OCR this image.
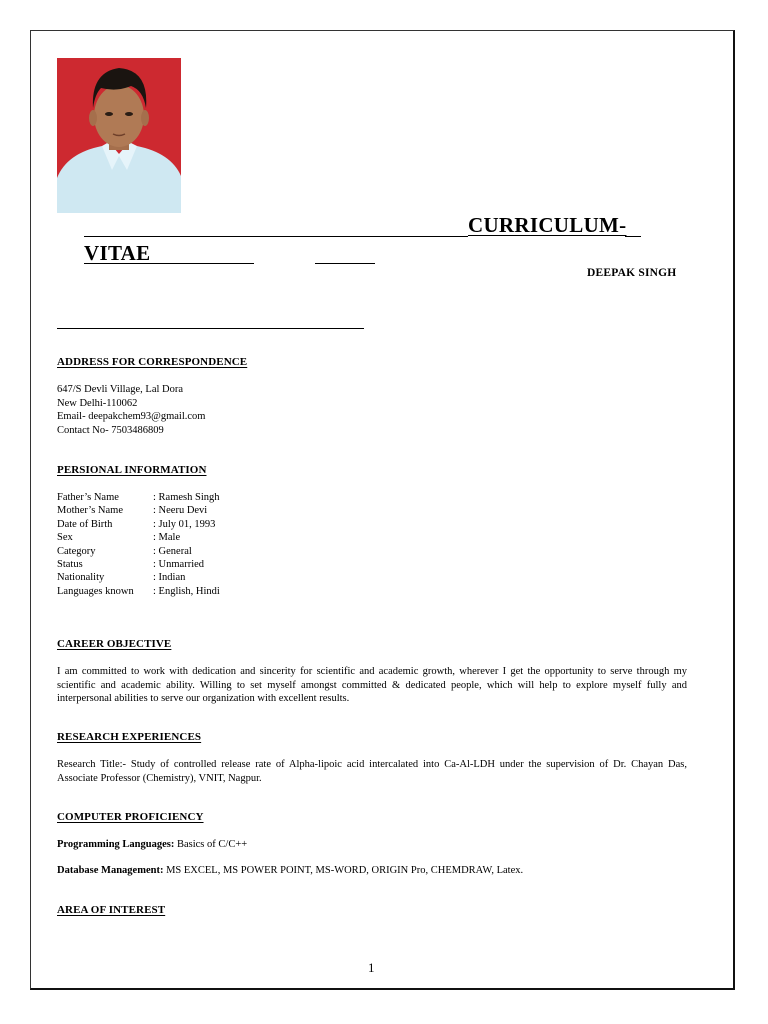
CURRICULUM-
VITAE
DEEPAK SINGH
ADDRESS FOR CORRESPONDENCE
647/S Devli Village, Lal Dora
New Delhi-110062
Email- deepakchem93@gmail.com
Contact No- 7503486809
PERSIONAL INFORMATION
Father’s Name	: Ramesh Singh
Mother’s Name	: Neeru Devi
Date of Birth	: July 01, 1993
Sex	: Male
Category	: General
Status	: Unmarried
Nationality	: Indian
Languages known	: English, Hindi
CAREER OBJECTIVE
I am committed to work with dedication and sincerity for scientific and academic growth, wherever I get the opportunity to serve through my scientific and academic ability. Willing to set myself amongst committed & dedicated people, which will help to explore myself fully and interpersonal abilities to serve our organization with excellent results.
RESEARCH EXPERIENCES
Research Title:- Study of controlled release rate of Alpha-lipoic acid intercalated into Ca-Al-LDH under the supervision of Dr. Chayan Das, Associate Professor (Chemistry), VNIT, Nagpur.
COMPUTER PROFICIENCY
Programming Languages: Basics of C/C++
Database Management: MS EXCEL, MS POWER POINT, MS-WORD, ORIGIN Pro, CHEMDRAW, Latex.
AREA OF INTEREST
1
